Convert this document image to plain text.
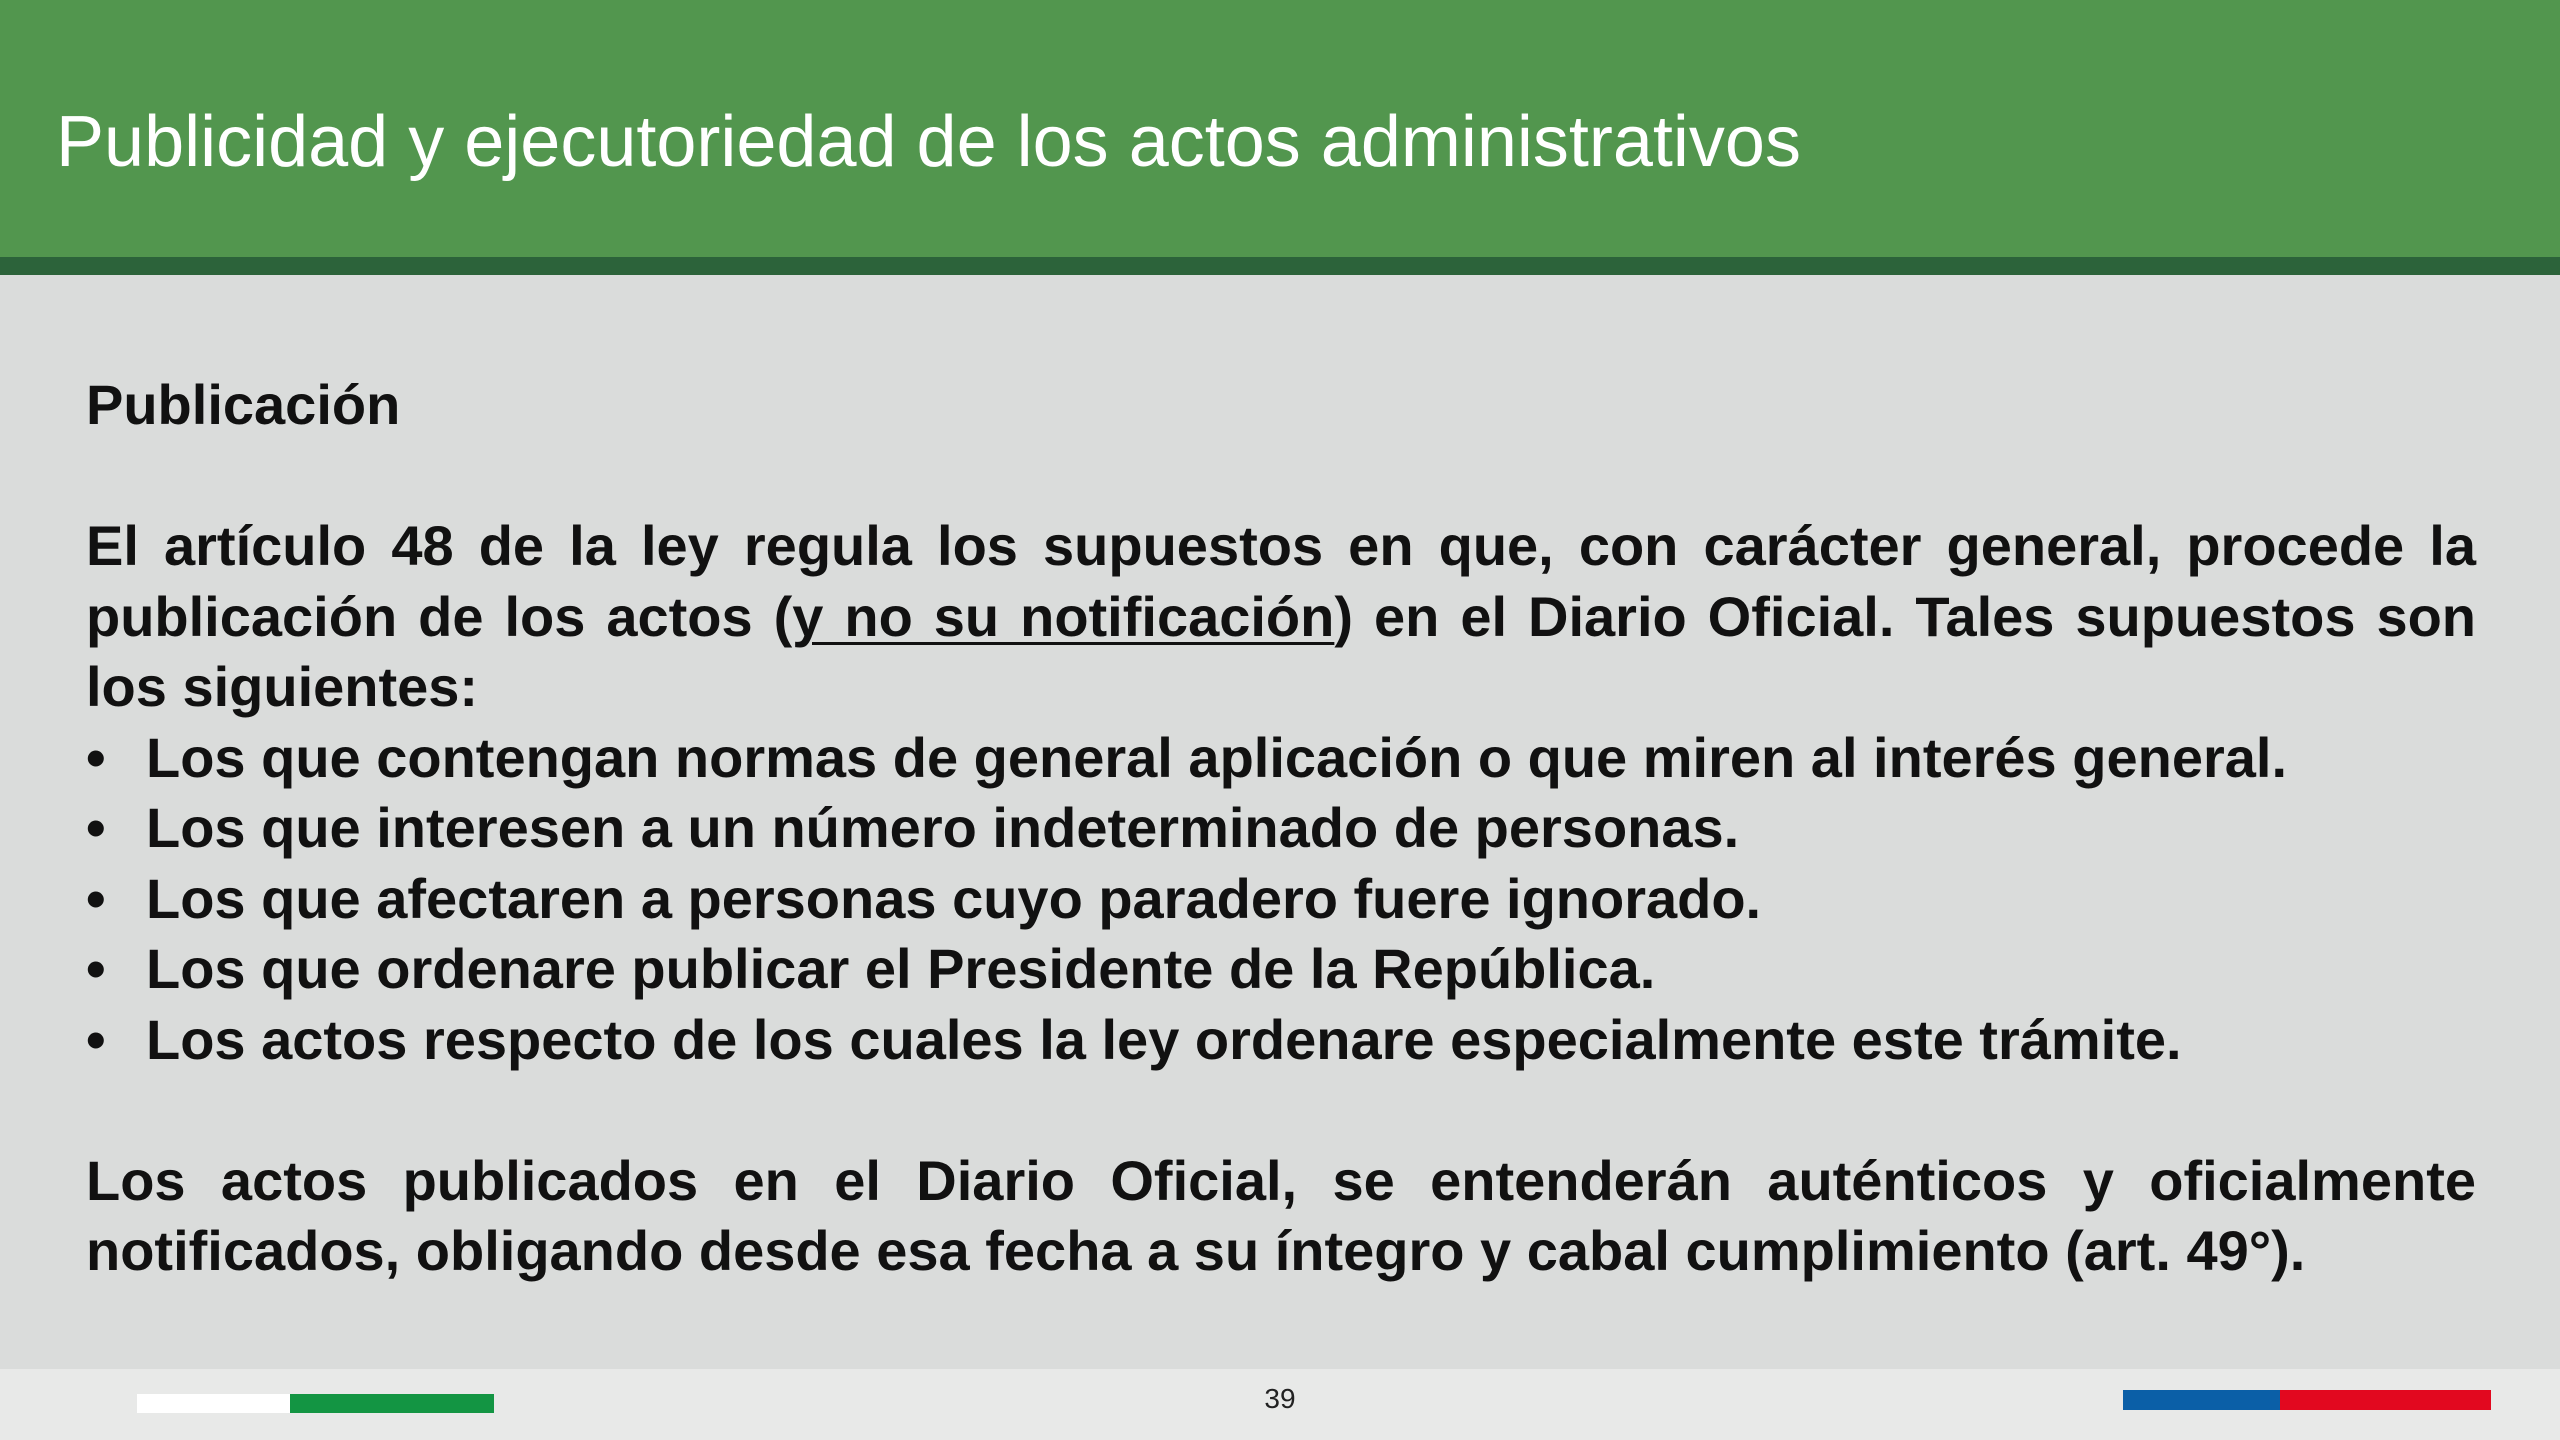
Publicidad y ejecutoriedad de los actos administrativos
Publicación

El artículo 48 de la ley regula los supuestos en que, con carácter general, procede la publicación de los actos (y no su notificación) en el Diario Oficial. Tales supuestos son los siguientes:

• Los que contengan normas de general aplicación o que miren al interés general.
• Los que interesen a un número indeterminado de personas.
• Los que afectaren a personas cuyo paradero fuere ignorado.
• Los que ordenare publicar el Presidente de la República.
• Los actos respecto de los cuales la ley ordenare especialmente este trámite.

Los actos publicados en el Diario Oficial, se entenderán auténticos y oficialmente notificados, obligando desde esa fecha a su íntegro y cabal cumplimiento (art. 49°).

39
